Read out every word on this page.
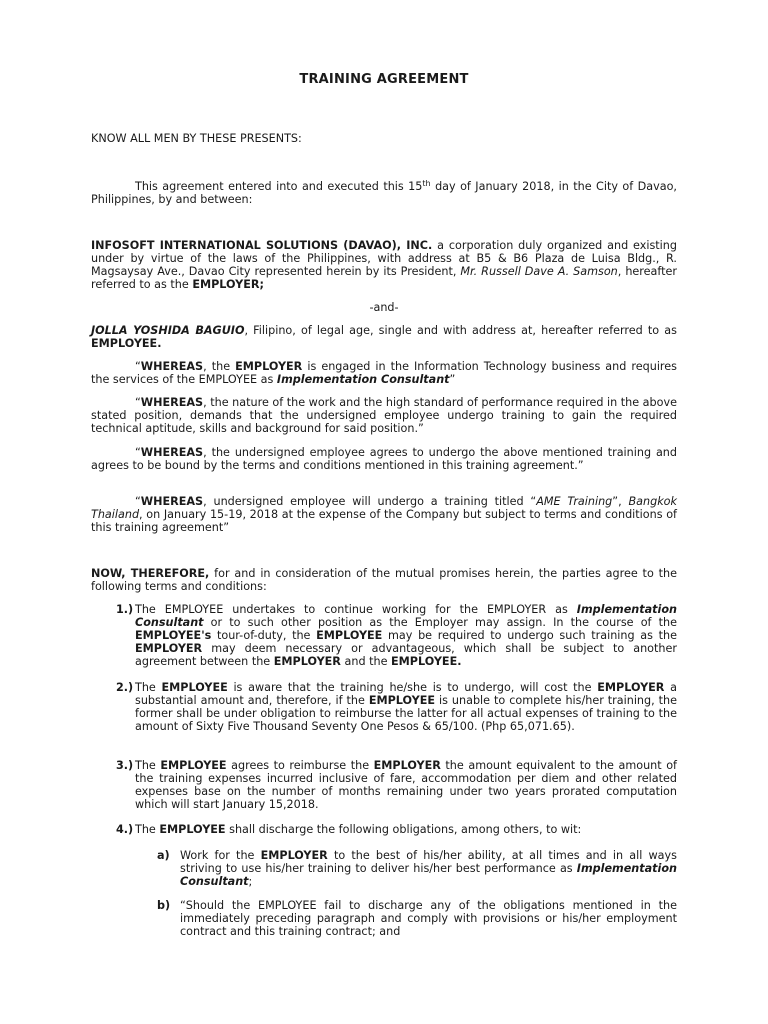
TRAINING AGREEMENT
KNOW ALL MEN BY THESE PRESENTS:
This agreement entered into and executed this 15th day of January 2018, in the City of Davao, Philippines, by and between:
INFOSOFT INTERNATIONAL SOLUTIONS (DAVAO), INC. a corporation duly organized and existing under by virtue of the laws of the Philippines, with address at B5 & B6 Plaza de Luisa Bldg., R. Magsaysay Ave., Davao City represented herein by its President, Mr. Russell Dave A. Samson, hereafter referred to as the EMPLOYER;
-and-
JOLLA YOSHIDA BAGUIO, Filipino, of legal age, single and with address at, hereafter referred to as EMPLOYEE.
“WHEREAS, the EMPLOYER is engaged in the Information Technology business and requires the services of the EMPLOYEE as Implementation Consultant”
“WHEREAS, the nature of the work and the high standard of performance required in the above stated position, demands that the undersigned employee undergo training to gain the required technical aptitude, skills and background for said position.”
“WHEREAS, the undersigned employee agrees to undergo the above mentioned training and agrees to be bound by the terms and conditions mentioned in this training agreement.”
“WHEREAS, undersigned employee will undergo a training titled “AME Training”, Bangkok Thailand, on January 15-19, 2018 at the expense of the Company but subject to terms and conditions of this training agreement”
NOW, THEREFORE, for and in consideration of the mutual promises herein, the parties agree to the following terms and conditions:
1.) The EMPLOYEE undertakes to continue working for the EMPLOYER as Implementation Consultant or to such other position as the Employer may assign. In the course of the EMPLOYEE's tour-of-duty, the EMPLOYEE may be required to undergo such training as the EMPLOYER may deem necessary or advantageous, which shall be subject to another agreement between the EMPLOYER and the EMPLOYEE.
2.) The EMPLOYEE is aware that the training he/she is to undergo, will cost the EMPLOYER a substantial amount and, therefore, if the EMPLOYEE is unable to complete his/her training, the former shall be under obligation to reimburse the latter for all actual expenses of training to the amount of Sixty Five Thousand Seventy One Pesos & 65/100. (Php 65,071.65).
3.) The EMPLOYEE agrees to reimburse the EMPLOYER the amount equivalent to the amount of the training expenses incurred inclusive of fare, accommodation per diem and other related expenses base on the number of months remaining under two years prorated computation which will start January 15,2018.
4.) The EMPLOYEE shall discharge the following obligations, among others, to wit:
a) Work for the EMPLOYER to the best of his/her ability, at all times and in all ways striving to use his/her training to deliver his/her best performance as Implementation Consultant;
b) “Should the EMPLOYEE fail to discharge any of the obligations mentioned in the immediately preceding paragraph and comply with provisions or his/her employment contract and this training contract; and
